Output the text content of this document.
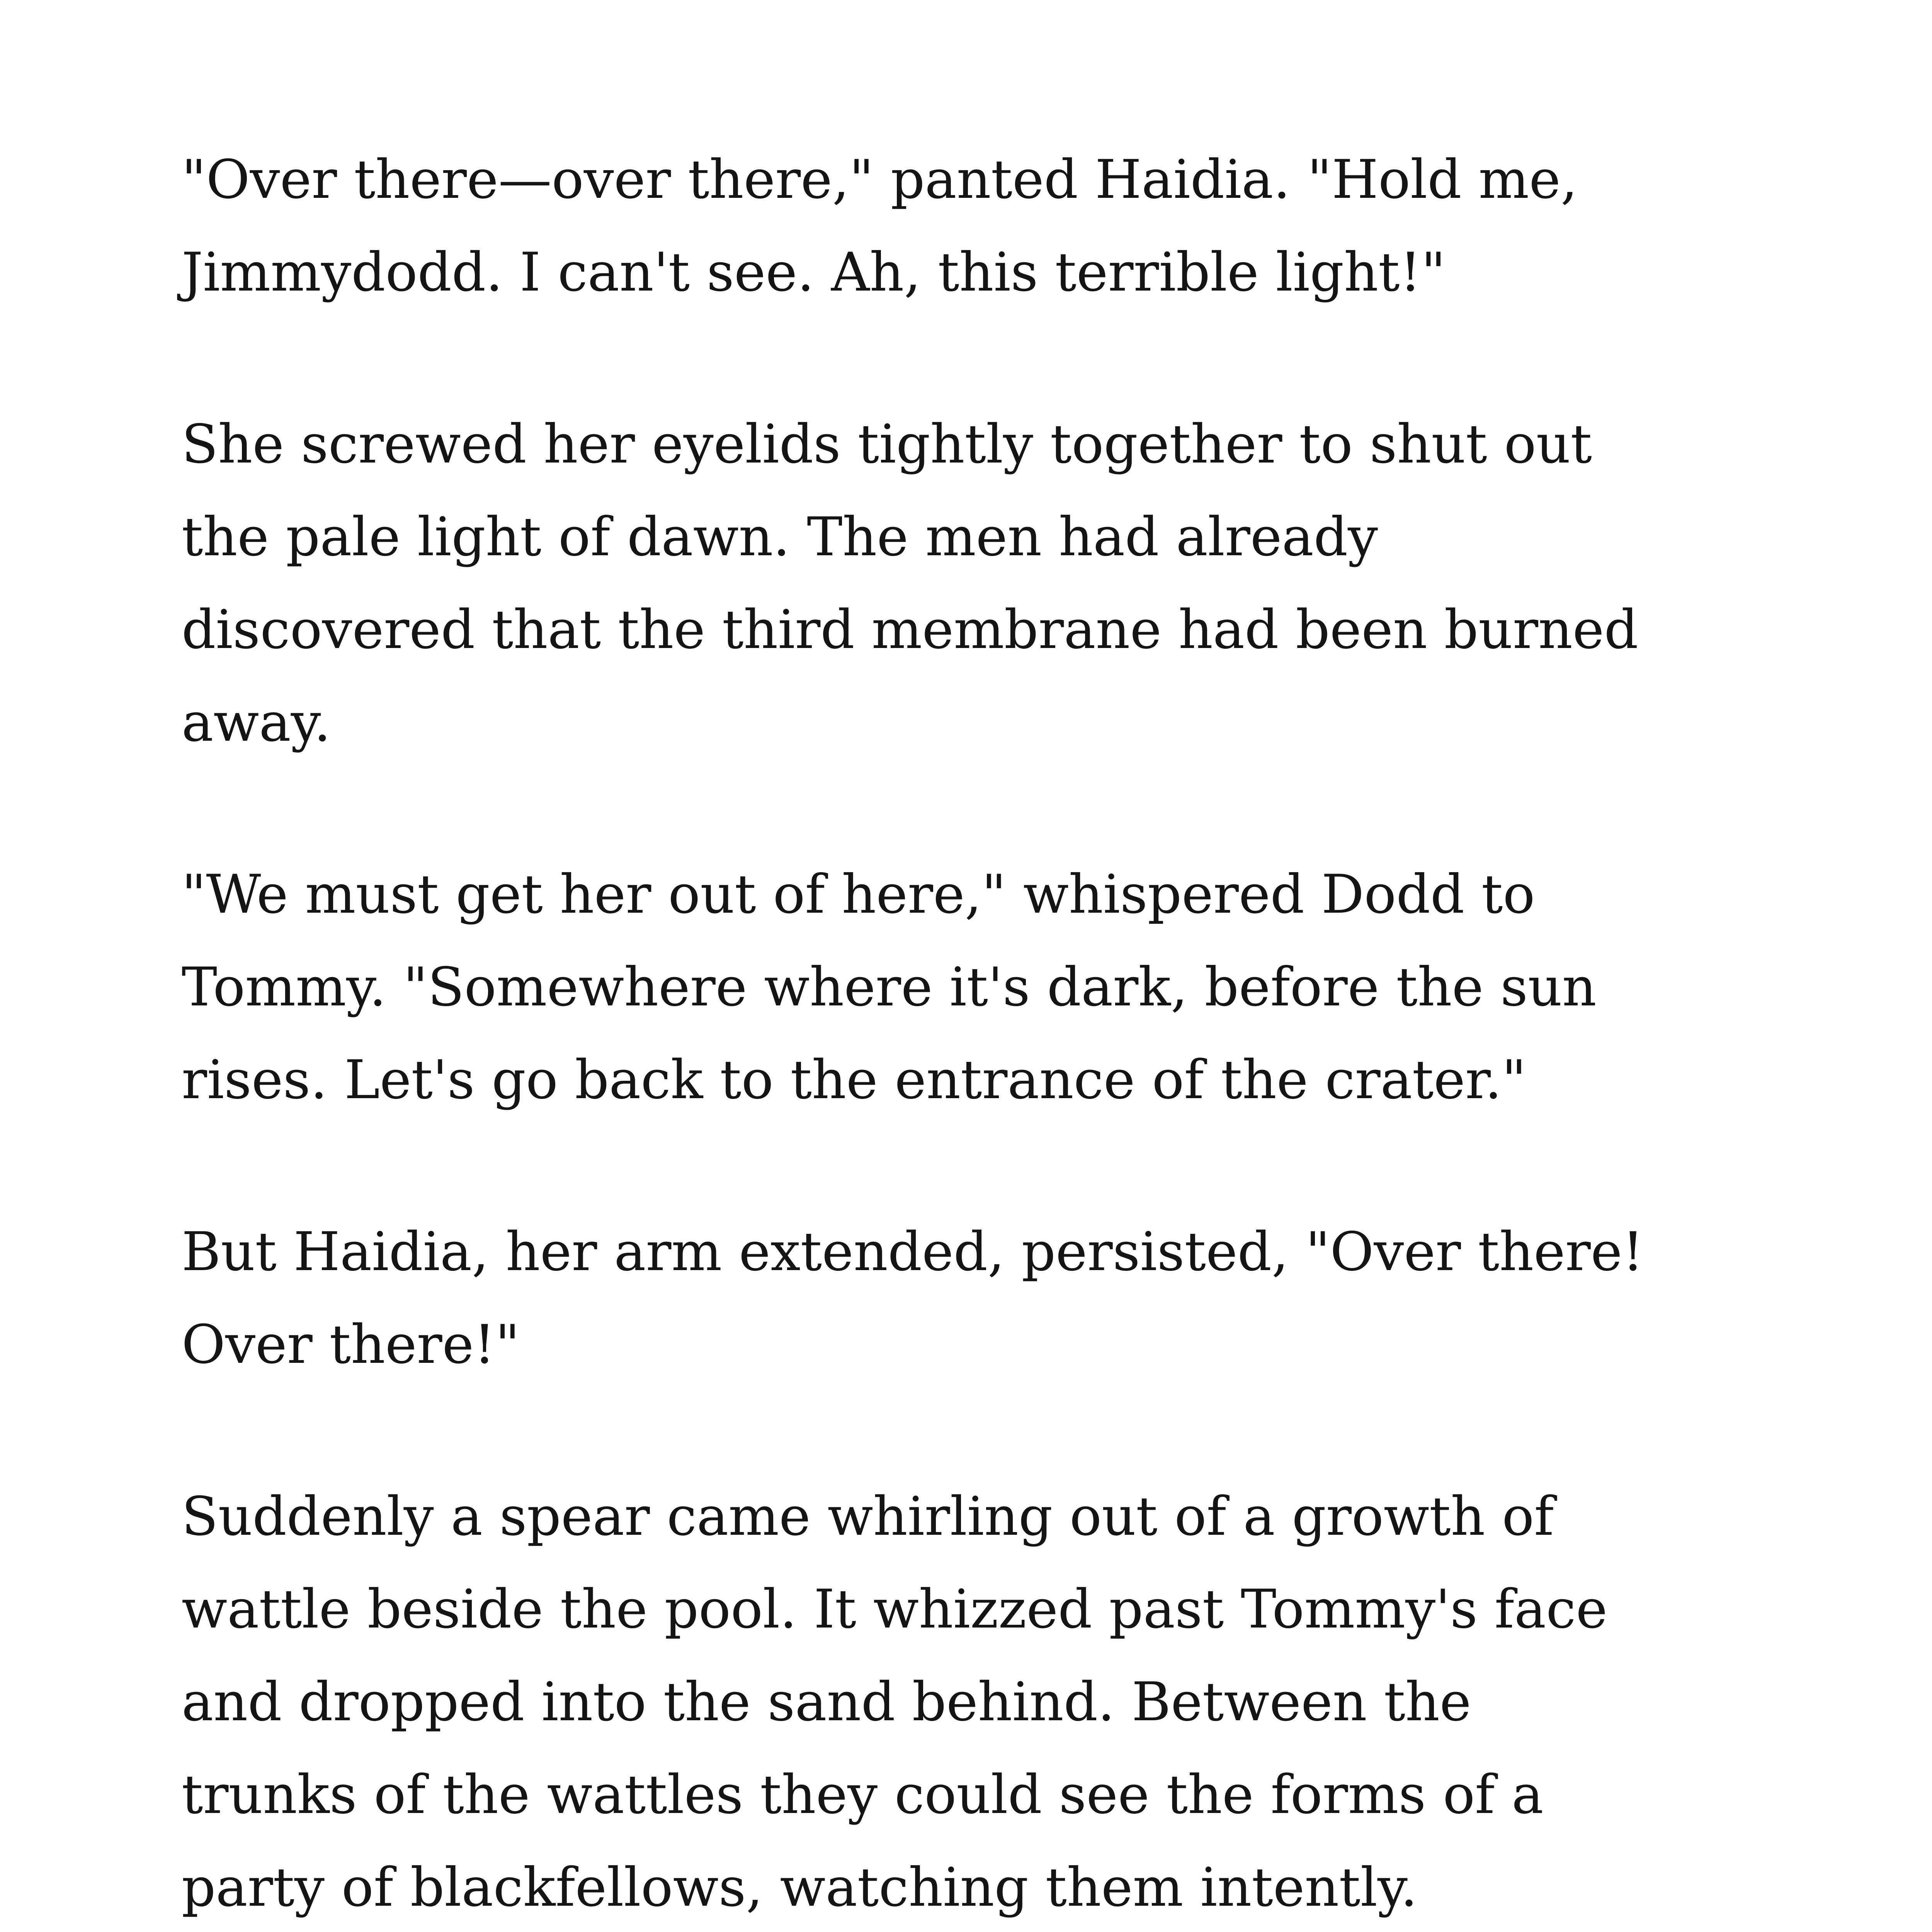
"Over there—over there," panted Haidia. "Hold me,
Jimmydodd. I can't see. Ah, this terrible light!"

She screwed her eyelids tightly together to shut out
the pale light of dawn. The men had already
discovered that the third membrane had been burned
away.

"We must get her out of here," whispered Dodd to
Tommy. "Somewhere where it's dark, before the sun
rises. Let's go back to the entrance of the crater."

But Haidia, her arm extended, persisted, "Over there!
Over there!"

Suddenly a spear came whirling out of a growth of
wattle beside the pool. It whizzed past Tommy's face
and dropped into the sand behind. Between the
trunks of the wattles they could see the forms of a
party of blackfellows, watching them intently.
